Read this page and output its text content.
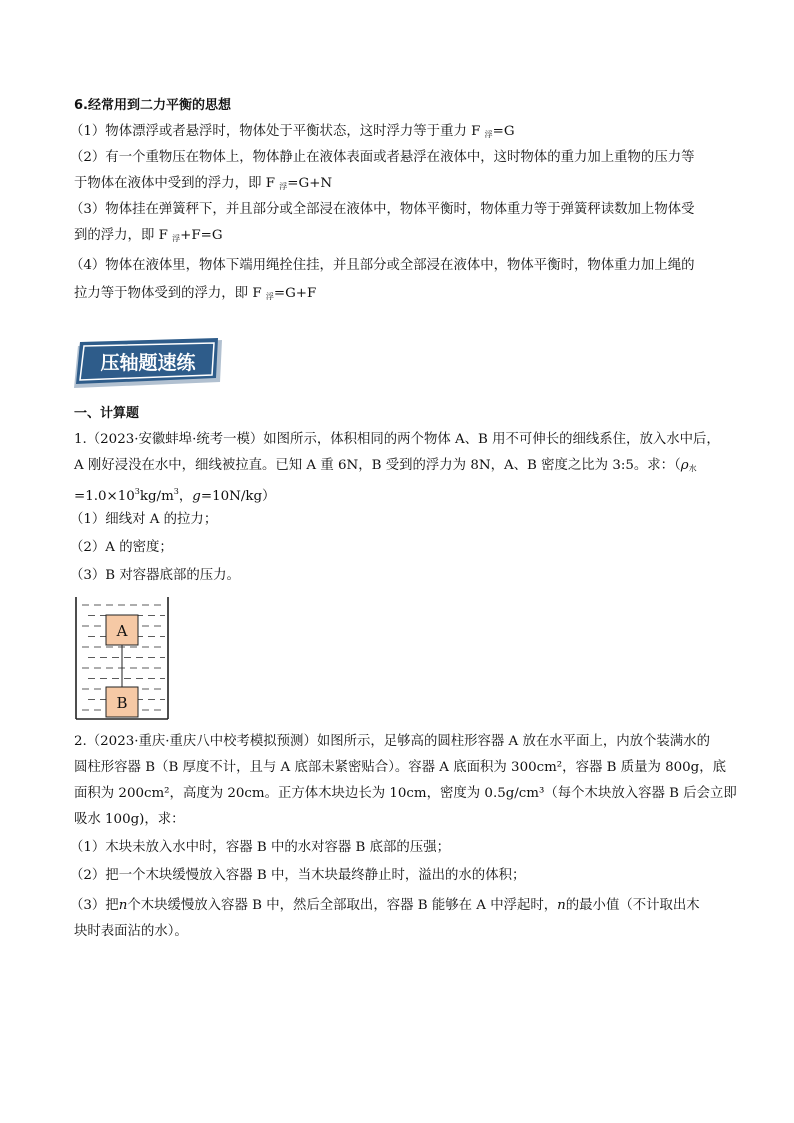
6.经常用到二力平衡的思想
（1）物体漂浮或者悬浮时，物体处于平衡状态，这时浮力等于重力 F $_浮$=G
（2）有一个重物压在物体上，物体静止在液体表面或者悬浮在液体中，这时物体的重力加上重物的压力等
于物体在液体中受到的浮力，即 F $_浮$=G+N
（3）物体挂在弹簧秤下，并且部分或全部浸在液体中，物体平衡时，物体重力等于弹簧秤读数加上物体受
到的浮力，即 F $_浮$+F=G
（4）物体在液体里，物体下端用绳拴住挂，并且部分或全部浸在液体中，物体平衡时，物体重力加上绳的
拉力等于物体受到的浮力，即 F $_浮$=G+F
压轴题速练
一、计算题
1.（2023·安徽蚌埠·统考一模）如图所示，体积相同的两个物体 A、B 用不可伸长的细线系住，放入水中后，
A 刚好浸没在水中，细线被拉直。已知 A 重 6N，B 受到的浮力为 8N，A、B 密度之比为 3:5。求：（$\rho_水$
$=1.0\times 10^3kg/m^3$，g=10N/kg）
（1）细线对 A 的拉力；
（2）A 的密度；
（3）B 对容器底部的压力。
A
B
2.（2023·重庆·重庆八中校考模拟预测）如图所示，足够高的圆柱形容器 A 放在水平面上，内放个装满水的
圆柱形容器 B（B 厚度不计，且与 A 底部未紧密贴合）。容器 A 底面积为 300cm²，容器 B 质量为 800g，底
面积为 200cm²，高度为 20cm。正方体木块边长为 10cm，密度为 0.5g/cm³（每个木块放入容器 B 后会立即
吸水 100g)，求：
（1）木块未放入水中时，容器 B 中的水对容器 B 底部的压强；
（2）把一个木块缓慢放入容器 B 中，当木块最终静止时，溢出的水的体积；
（3）把n个木块缓慢放入容器 B 中，然后全部取出，容器 B 能够在 A 中浮起时，n的最小值（不计取出木
块时表面沾的水）。
